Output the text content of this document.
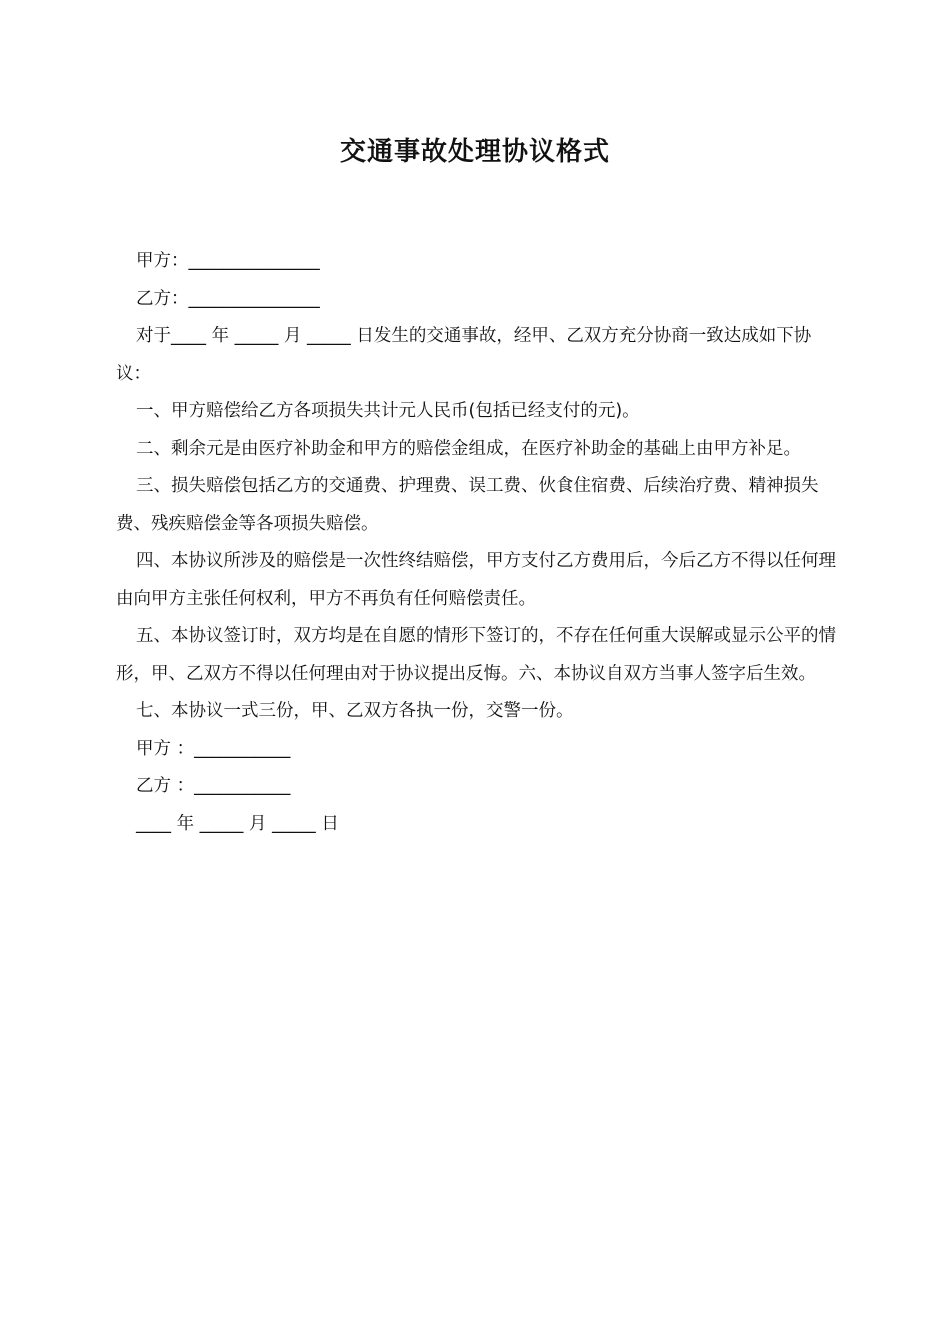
交通事故处理协议格式

甲方：_______________

乙方：_______________

对于____ 年 _____ 月 _____ 日发生的交通事故，经甲、乙双方充分协商一致达成如下协议：

一、甲方赔偿给乙方各项损失共计元人民币(包括已经支付的元)。

二、剩余元是由医疗补助金和甲方的赔偿金组成，在医疗补助金的基础上由甲方补足。

三、损失赔偿包括乙方的交通费、护理费、误工费、伙食住宿费、后续治疗费、精神损失费、残疾赔偿金等各项损失赔偿。

四、本协议所涉及的赔偿是一次性终结赔偿，甲方支付乙方费用后，今后乙方不得以任何理由向甲方主张任何权利，甲方不再负有任何赔偿责任。

五、本协议签订时，双方均是在自愿的情形下签订的，不存在任何重大误解或显示公平的情形，甲、乙双方不得以任何理由对于协议提出反悔。六、本协议自双方当事人签字后生效。

七、本协议一式三份，甲、乙双方各执一份，交警一份。

甲方 ：___________

乙方 ：___________

____ 年 _____ 月 _____ 日
